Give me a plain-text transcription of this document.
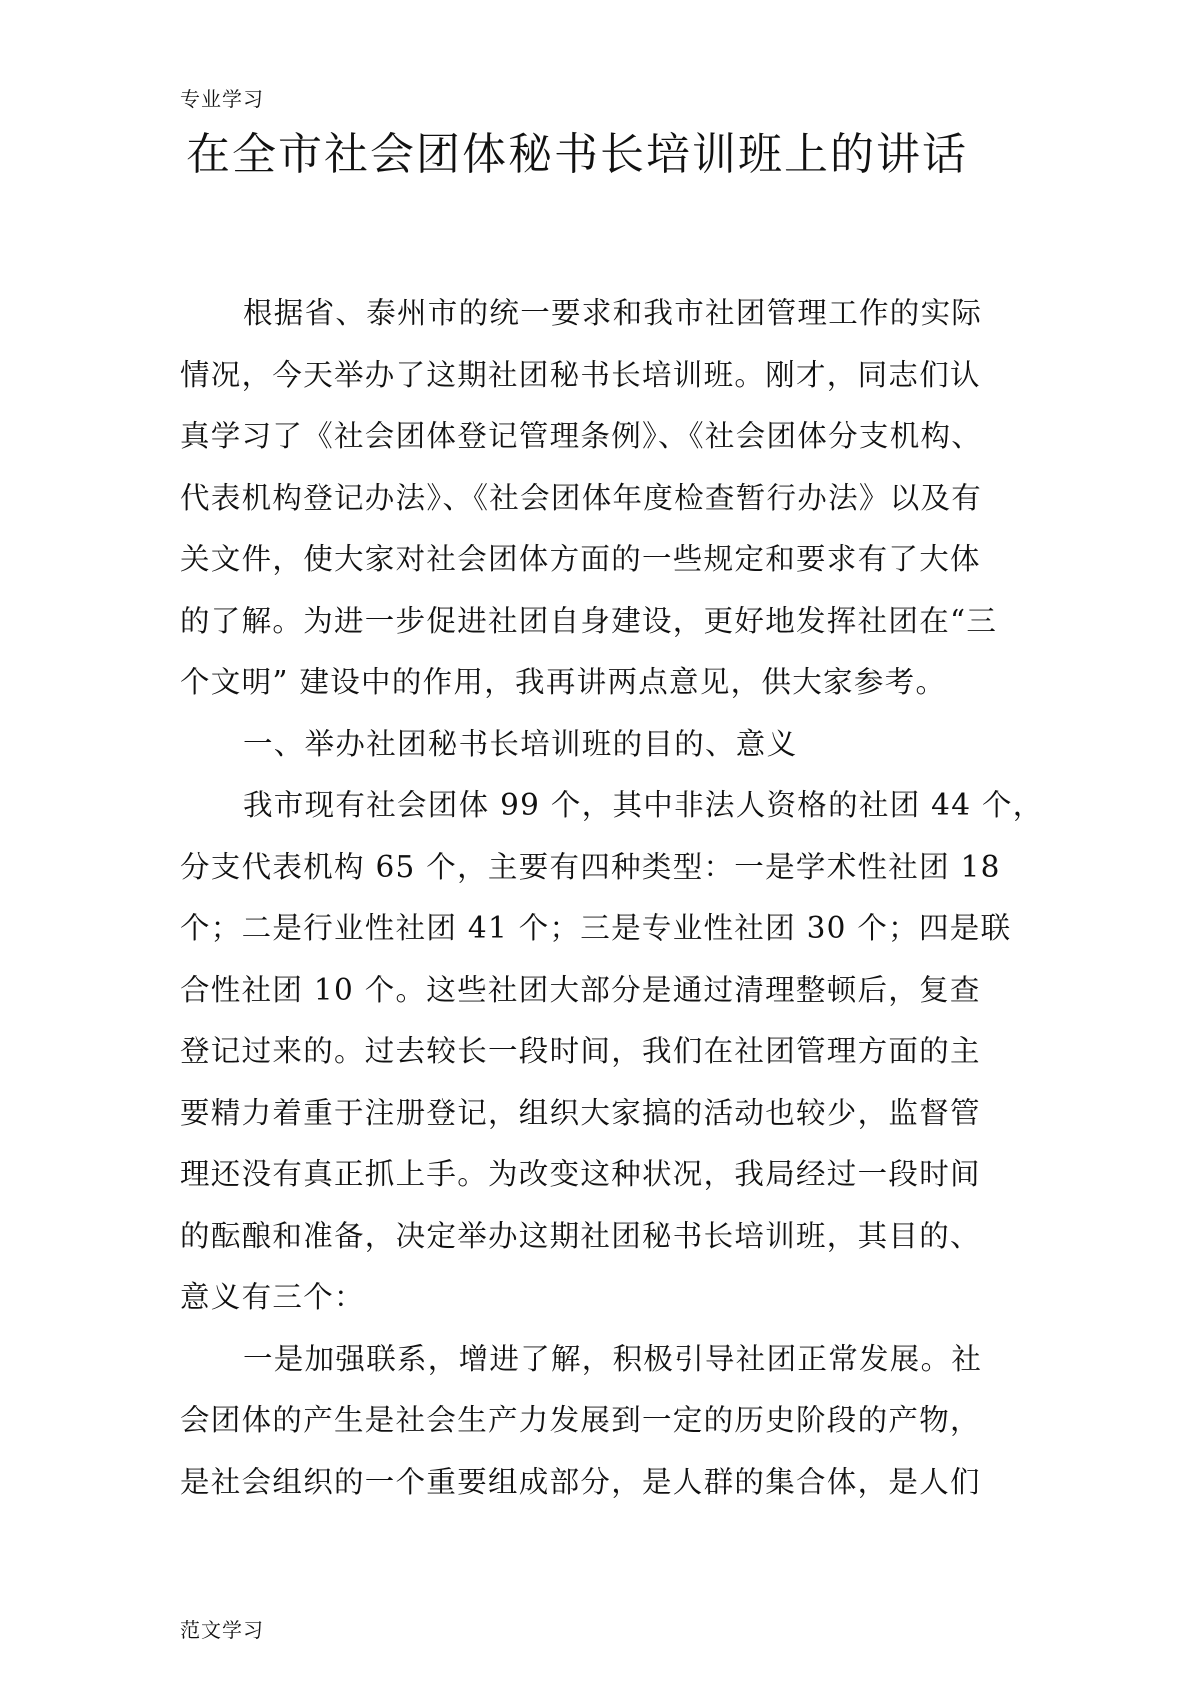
专业学习
在全市社会团体秘书长培训班上的讲话
根据省、泰州市的统一要求和我市社团管理工作的实际
情况，今天举办了这期社团秘书长培训班。刚才，同志们认
真学习了《社会团体登记管理条例》、《社会团体分支机构、
代表机构登记办法》、《社会团体年度检查暂行办法》以及有
关文件，使大家对社会团体方面的一些规定和要求有了大体
的了解。为进一步促进社团自身建设，更好地发挥社团在“三
个文明” 建设中的作用，我再讲两点意见，供大家参考。
一、举办社团秘书长培训班的目的、意义
我市现有社会团体 99 个，其中非法人资格的社团 44 个，
分支代表机构 65 个，主要有四种类型：一是学术性社团 18
个；二是行业性社团 41 个；三是专业性社团 30 个；四是联
合性社团 10 个。这些社团大部分是通过清理整顿后，复查
登记过来的。过去较长一段时间，我们在社团管理方面的主
要精力着重于注册登记，组织大家搞的活动也较少，监督管
理还没有真正抓上手。为改变这种状况，我局经过一段时间
的酝酿和准备，决定举办这期社团秘书长培训班，其目的、
意义有三个：
一是加强联系，增进了解，积极引导社团正常发展。社
会团体的产生是社会生产力发展到一定的历史阶段的产物，
是社会组织的一个重要组成部分，是人群的集合体，是人们
范文学习
